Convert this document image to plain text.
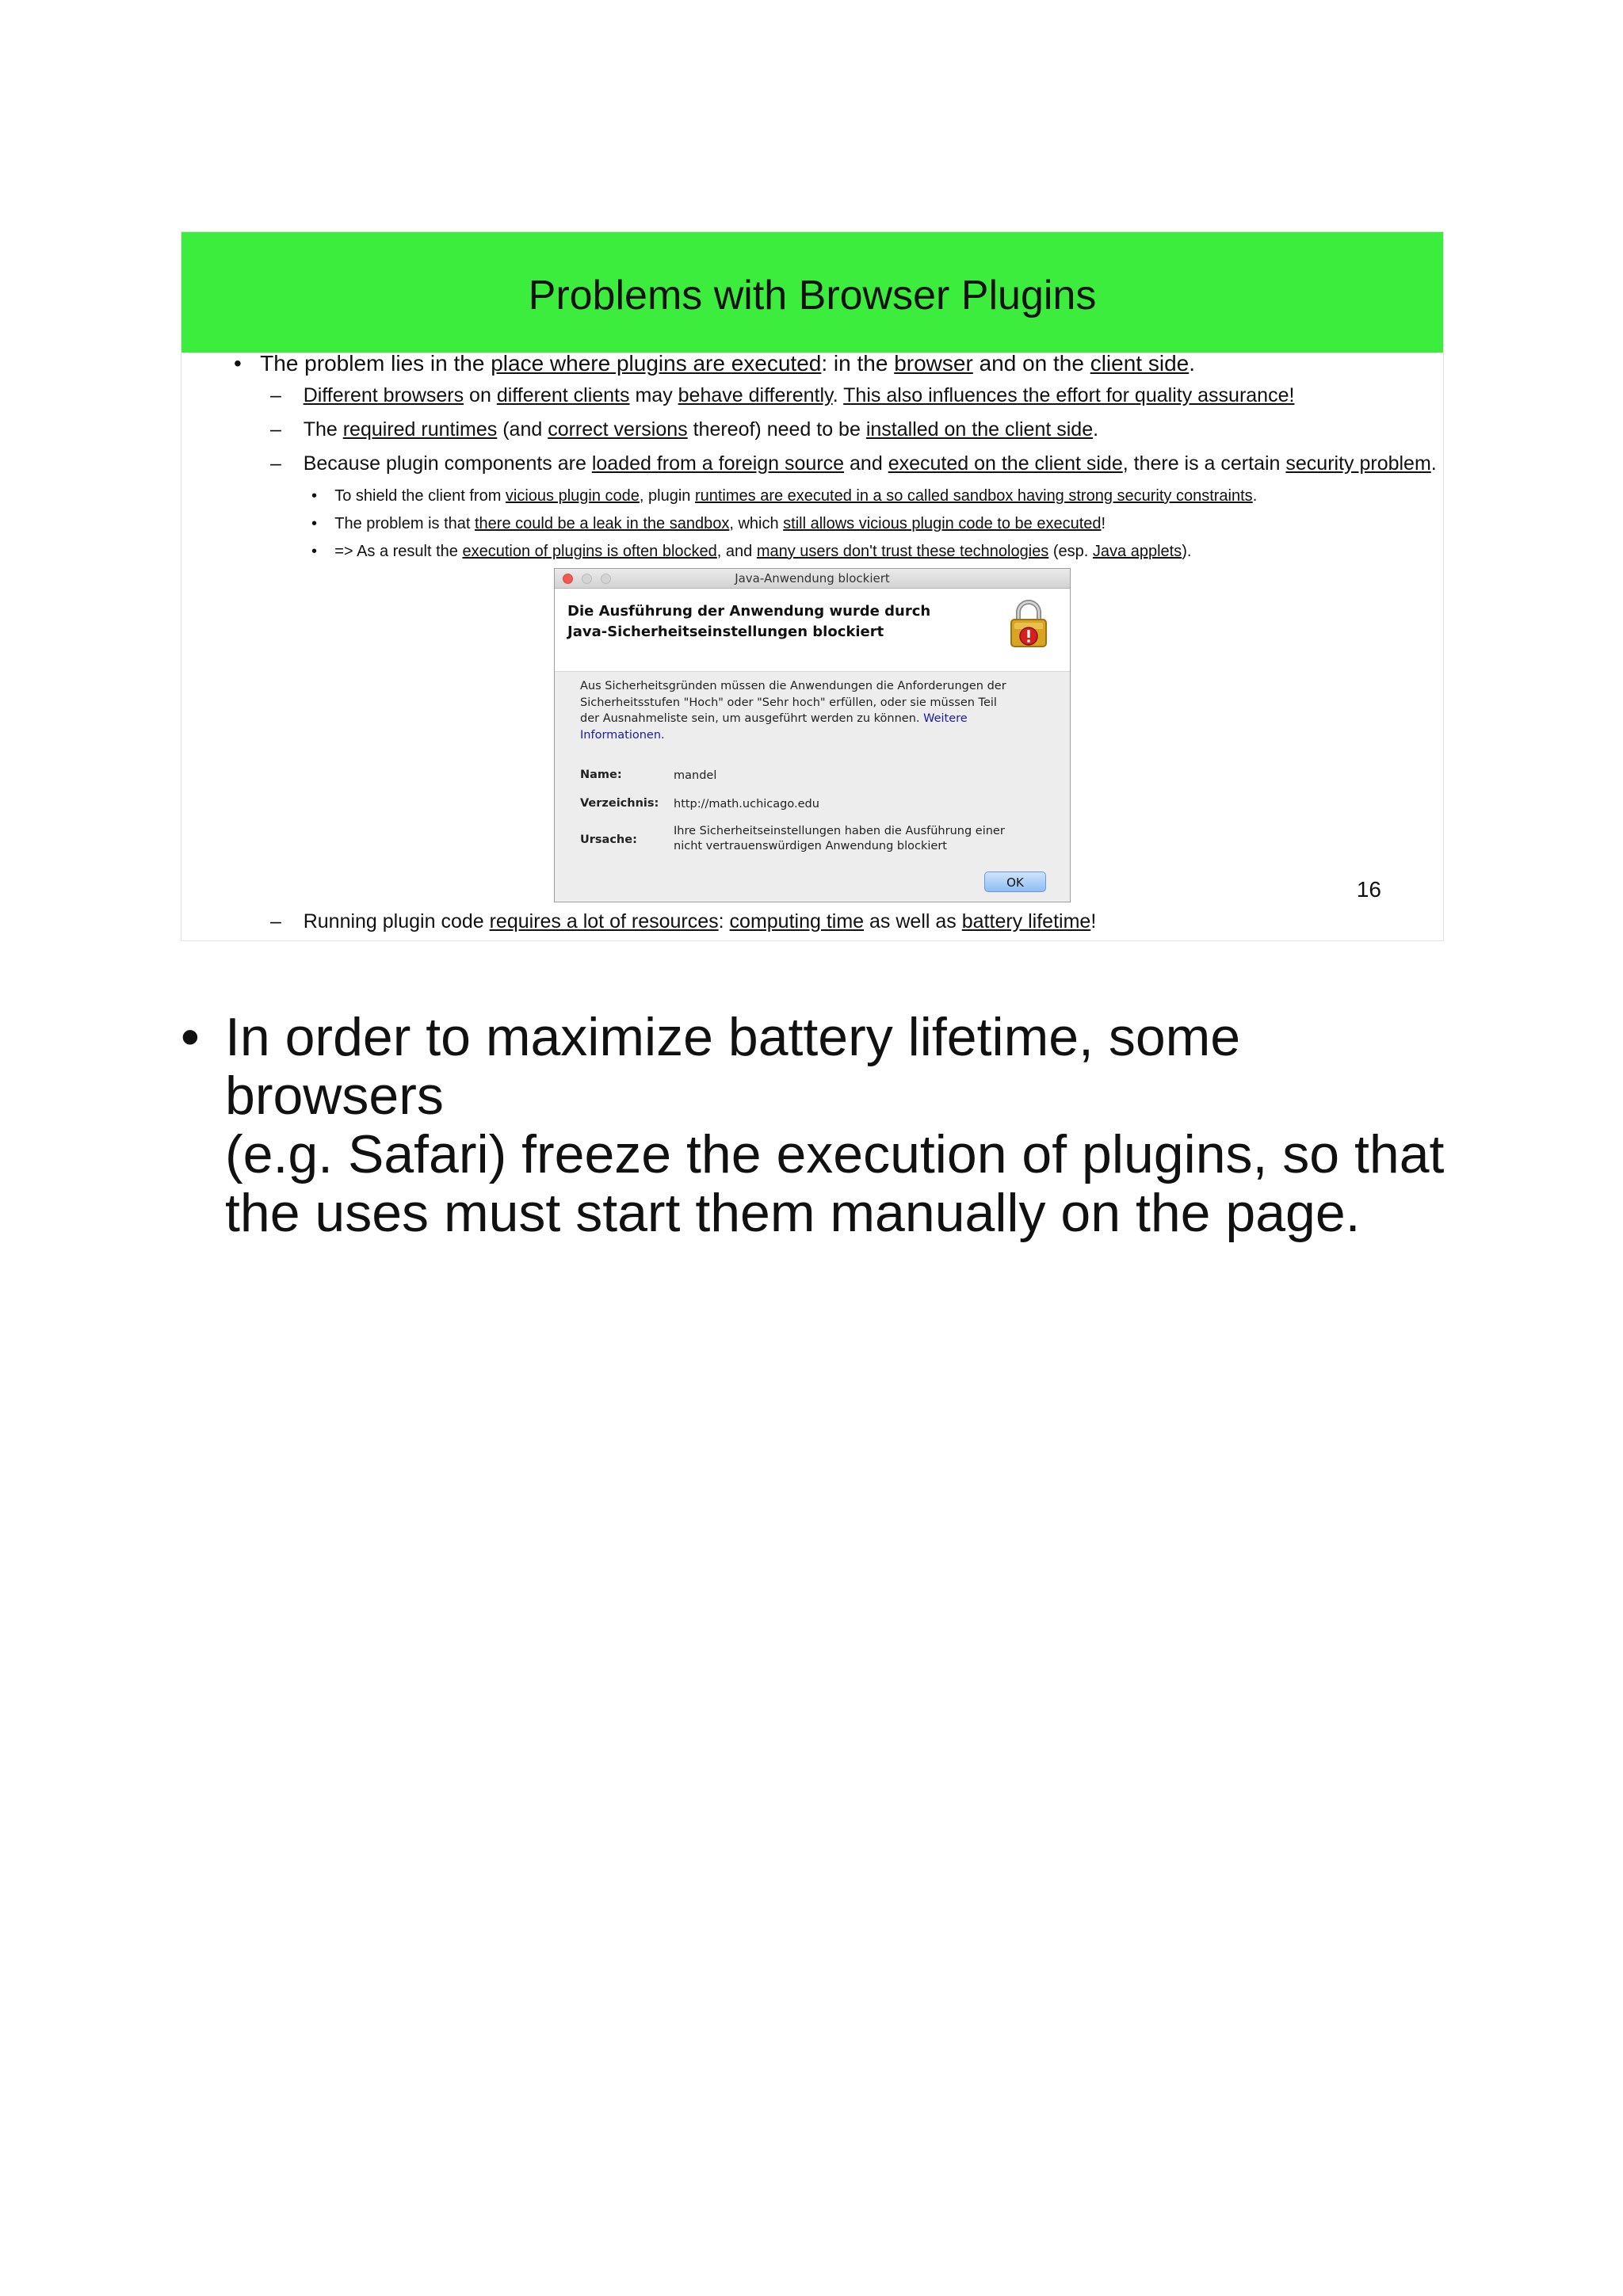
Problems with Browser Plugins
• The problem lies in the place where plugins are executed: in the browser and on the client side.
– Different browsers on different clients may behave differently. This also influences the effort for quality assurance!
– The required runtimes (and correct versions thereof) need to be installed on the client side.
– Because plugin components are loaded from a foreign source and executed on the client side, there is a certain security problem.
• To shield the client from vicious plugin code, plugin runtimes are executed in a so called sandbox having strong security constraints.
• The problem is that there could be a leak in the sandbox, which still allows vicious plugin code to be executed!
• => As a result the execution of plugins is often blocked, and many users don't trust these technologies (esp. Java applets).
Java-Anwendung blockiert
Die Ausführung der Anwendung wurde durch
Java-Sicherheitseinstellungen blockiert
Aus Sicherheitsgründen müssen die Anwendungen die Anforderungen der
Sicherheitsstufen "Hoch" oder "Sehr hoch" erfüllen, oder sie müssen Teil
der Ausnahmeliste sein, um ausgeführt werden zu können. Weitere
Informationen.
Name:	mandel
Verzeichnis: http://math.uchicago.edu
Ursache:
Ihre Sicherheitseinstellungen haben die Ausführung einer
nicht vertrauenswürdigen Anwendung blockiert
OK	16
– Running plugin code requires a lot of resources: computing time as well as battery lifetime!
• In order to maximize battery lifetime, some browsers
(e.g. Safari) freeze the execution of plugins, so that
the uses must start them manually on the page.
